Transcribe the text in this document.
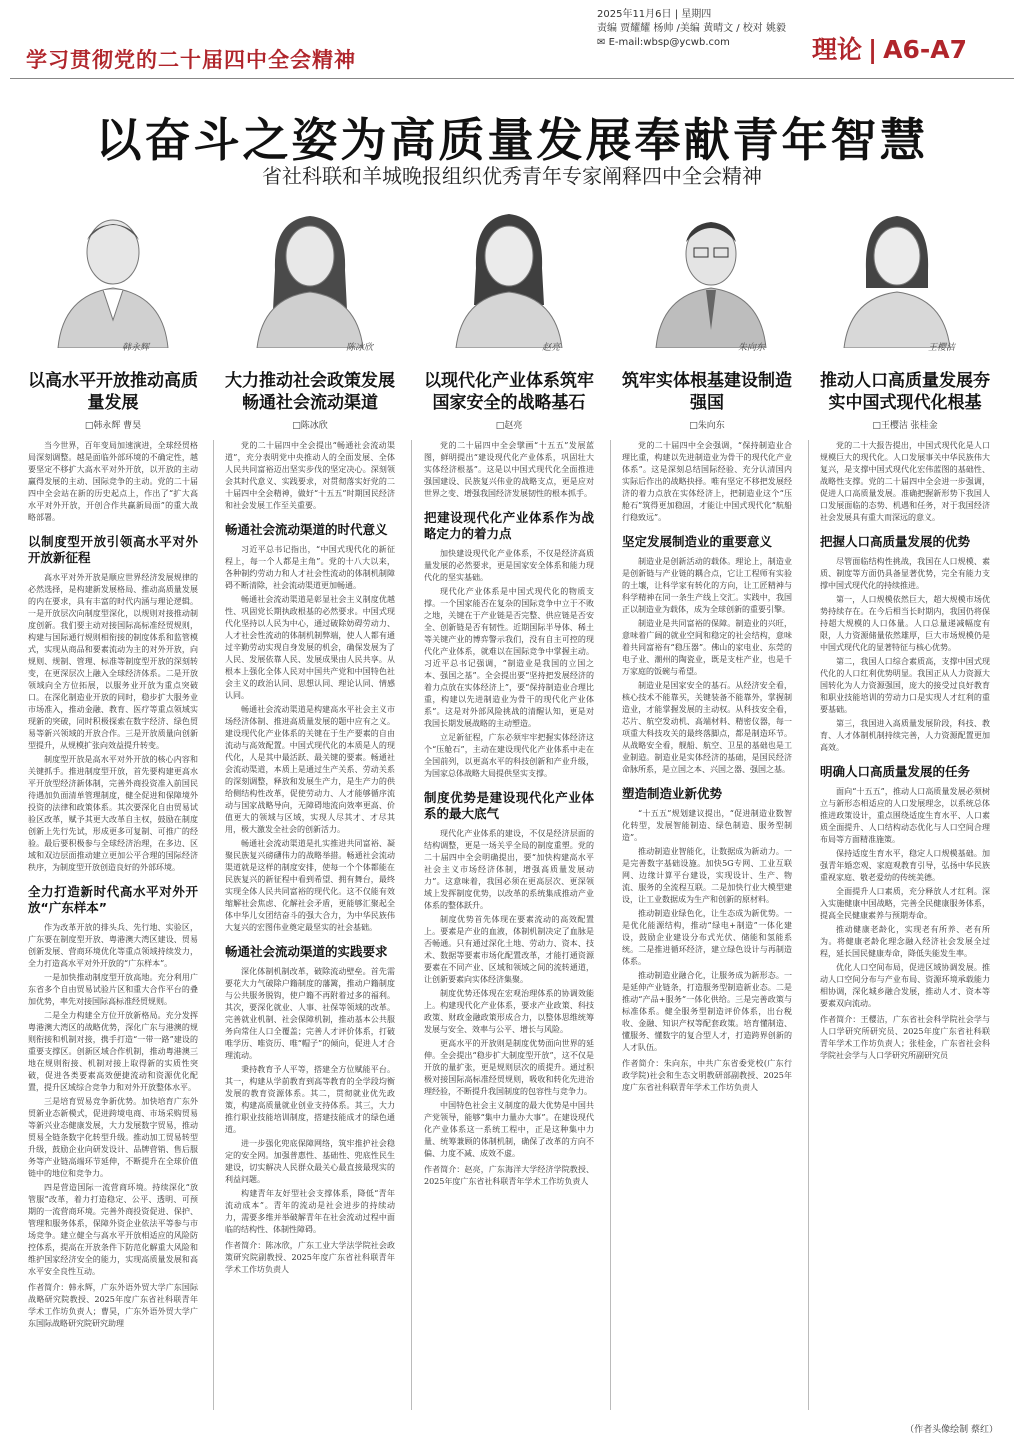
学习贯彻党的二十届四中全会精神
2025年11月6日 | 星期四
责编 贾耀耀 杨帅 /美编 黄晴文 / 校对 姚毅
✉ E-mail:wbsp@ycwb.com	理论 | A6-A7
以奋斗之姿为高质量发展奉献青年智慧
省社科联和羊城晚报组织优秀青年专家阐释四中全会精神
韩永辉	陈冰欣	赵亮	朱向东	王樱洁
以高水平开放推动高质量发展
□韩永辉 曹昊
大力推动社会政策发展畅通社会流动渠道
□陈冰欣
以现代化产业体系筑牢国家安全的战略基石
□赵亮
筑牢实体根基建设制造强国
□朱向东
推动人口高质量发展夯实中国式现代化根基
□王樱洁 张桂金

当今世界，百年变局加速演进，全球经贸格局深刻调整。越是面临外部环境的不确定性，越要坚定不移扩大高水平对外开放，以开放的主动赢得发展的主动、国际竞争的主动。党的二十届四中全会站在新的历史起点上，作出了“扩大高水平对外开放，开创合作共赢新局面”的重大战略部署。

以制度型开放引领高水平对外开放新征程

高水平对外开放是顺应世界经济发展规律的必然选择，是构建新发展格局、推动高质量发展的内在要求，具有丰富的时代内涵与理论逻辑。一是开放层次向制度型深化，以规则对接推动制度创新。我们要主动对接国际高标准经贸规则，构建与国际通行规则相衔接的制度体系和监管模式，实现从商品和要素流动为主的对外开放，向规则、规制、管理、标准等制度型开放的深刻转变，在更深层次上融入全球经济体系。二是开放领域向全方位拓展，以服务业开放为重点突破口。在深化制造业开放的同时，稳步扩大服务业市场准入，推动金融、教育、医疗等重点领域实现新的突破，同时积极探索在数字经济、绿色贸易等新兴领域的开放合作。三是开放质量向创新型提升，从规模扩张向效益提升转变。

制度型开放是高水平对外开放的核心内容和关键抓手。推进制度型开放，首先要构建更高水平开放型经济新体制，完善外商投资准入前国民待遇加负面清单管理制度，健全促进和保障境外投资的法律和政策体系。其次要深化自由贸易试验区改革，赋予其更大改革自主权，鼓励在制度创新上先行先试，形成更多可复制、可推广的经验。最后要积极参与全球经济治理，在多边、区域和双边层面推动建立更加公平合理的国际经济秩序，为制度型开放创造良好的外部环境。

全力打造新时代高水平对外开放“广东样本”

作为改革开放的排头兵、先行地、实验区，广东要在制度型开放、粤港澳大湾区建设、贸易创新发展、营商环境优化等重点领域持续发力，全力打造高水平对外开放的“广东样本”。

一是加快推动制度型开放高地。充分利用广东省多个自由贸易试验片区和重大合作平台的叠加优势，率先对接国际高标准经贸规则。

二是全力构建全方位开放新格局。充分发挥粤港澳大湾区的战略优势，深化广东与港澳的规则衔接和机制对接，携手打造“一带一路”建设的重要支撑区。创新区域合作机制，推动粤港澳三地在规则衔接、机制对接上取得新的实质性突破，促进各类要素高效便捷流动和资源优化配置，提升区域综合竞争力和对外开放整体水平。

三是培育贸易竞争新优势。加快培育广东外贸新业态新模式，促进跨境电商、市场采购贸易等新兴业态健康发展，大力发展数字贸易，推动贸易全链条数字化转型升级。推动加工贸易转型升级，鼓励企业向研发设计、品牌营销、售后服务等产业链高端环节延伸，不断提升在全球价值链中的地位和竞争力。

四是营造国际一流营商环境。持续深化“放管服”改革，着力打造稳定、公平、透明、可预期的一流营商环境。完善外商投资促进、保护、管理和服务体系，保障外资企业依法平等参与市场竞争。建立健全与高水平开放相适应的风险防控体系，提高在开放条件下防范化解重大风险和维护国家经济安全的能力，实现高质量发展和高水平安全良性互动。

作者简介：韩永辉，广东外语外贸大学广东国际战略研究院教授、2025年度广东省社科联青年学术工作坊负责人；曹昊，广东外语外贸大学广东国际战略研究院研究助理

党的二十届四中全会提出“畅通社会流动渠道”，充分表明党中央推动人的全面发展、全体人民共同富裕迈出坚实步伐的坚定决心。深刻领会其时代意义、实践要求，对贯彻落实好党的二十届四中全会精神，做好“十五五”时期国民经济和社会发展工作至关重要。

畅通社会流动渠道的时代意义

习近平总书记指出，“中国式现代化的新征程上，每一个人都是主角”。党的十八大以来，各种制约劳动力和人才社会性流动的体制机制障碍不断清除，社会流动渠道更加畅通。

畅通社会流动渠道是彰显社会主义制度优越性、巩固党长期执政根基的必然要求。中国式现代化坚持以人民为中心，通过破除妨碍劳动力、人才社会性流动的体制机制弊端，使人人都有通过辛勤劳动实现自身发展的机会，确保发展为了人民、发展依靠人民、发展成果由人民共享。从根本上强化全体人民对中国共产党和中国特色社会主义的政治认同、思想认同、理论认同、情感认同。

畅通社会流动渠道是构建高水平社会主义市场经济体制、推进高质量发展的题中应有之义。建设现代化产业体系的关键在于生产要素的自由流动与高效配置。中国式现代化的本质是人的现代化，人是其中最活跃、最关键的要素。畅通社会流动渠道，本质上是通过生产关系、劳动关系的深刻调整，释放和发展生产力，是生产力的供给侧结构性改革，促使劳动力、人才能够循序流动与国家战略导向，无障碍地流向效率更高、价值更大的领域与区域，实现人尽其才、才尽其用，极大激发全社会的创新活力。

畅通社会流动渠道是扎实推进共同富裕、凝聚民族复兴磅礴伟力的战略举措。畅通社会流动渠道就是这样的制度安排，使每一个个体都能在民族复兴的新征程中看到希望、拥有舞台，最终实现全体人民共同富裕的现代化。这不仅能有效缩解社会焦虑、化解社会矛盾，更能够汇聚起全体中华儿女团结奋斗的强大合力，为中华民族伟大复兴的宏图伟业奠定最坚实的社会基础。

畅通社会流动渠道的实践要求

深化体制机制改革，破除流动壁垒。首先需要花大力气破除户籍制度的藩篱，推动户籍制度与公共服务脱钩，使户籍不再附着过多的福利。其次，要深化就业、人事、社保等领域的改革。完善就业机制、社会保障机制，推动基本公共服务向常住人口全覆盖；完善人才评价体系，打破唯学历、唯资历、唯“帽子”的倾向，促进人才合理流动。

秉持教育予人平等，搭建全方位赋能平台。其一，构建从学前教育到高等教育的全学段均衡发展的教育资源体系。其二，贯彻就业优先政策，构建高质量就业创业支持体系。其三，大力推行职业技能培训制度，搭建技能成才的绿色通道。

进一步强化兜底保障网络，筑牢推护社会稳定的安全网。加强普惠性、基础性、兜底性民生建设，切实解决人民群众最关心最直接最现实的利益问题。

构建青年友好型社会支撑体系，降低“青年流动成本”。青年的流动是社会进步的持续动力，需要多维并举破解青年在社会流动过程中面临的结构性、体制性障碍。

作者简介：陈冰欣，广东工业大学法学院社会政策研究院副教授、2025年度广东省社科联青年学术工作坊负责人

党的二十届四中全会擘画“十五五”发展蓝图，鲜明提出“建设现代化产业体系，巩固壮大实体经济根基”。这是以中国式现代化全面推进强国建设、民族复兴伟业的战略支点，更是应对世界之变、增强我国经济发展韧性的根本抓手。

把建设现代化产业体系作为战略定力的着力点

加快建设现代化产业体系，不仅是经济高质量发展的必然要求，更是国家安全体系和能力现代化的坚实基础。

现代化产业体系是中国式现代化的物质支撑。一个国家能否在复杂的国际竞争中立于不败之地，关键在于产业链是否完整、供应链是否安全、创新链是否有韧性。近期国际半导体、稀土等关键产业的博弈警示我们，没有自主可控的现代化产业体系，就难以在国际竞争中掌握主动。习近平总书记强调，“制造业是我国的立国之本、强国之基”。全会提出要“坚持把发展经济的着力点放在实体经济上”，要“保持制造业合理比重，构建以先进制造业为骨干的现代化产业体系”。这是对外部风险挑战的清醒认知，更是对我国长期发展战略的主动塑造。

立足新征程，广东必须牢牢把握实体经济这个“压舱石”，主动在建设现代化产业体系中走在全国前列，以更高水平的科技创新和产业升级，为国家总体战略大局提供坚实支撑。

制度优势是建设现代化产业体系的最大底气

现代化产业体系的建设，不仅是经济层面的结构调整，更是一场关乎全局的制度重塑。党的二十届四中全会明确提出，要“加快构建高水平社会主义市场经济体制，增强高质量发展动力”。这意味着，我国必须在更高层次、更深领域上发挥制度优势，以改革的系统集成推动产业体系的整体跃升。

制度优势首先体现在要素流动的高效配置上。要素是产业的血液，体制机制决定了血脉是否畅通。只有通过深化土地、劳动力、资本、技术、数据等要素市场化配置改革，才能打通资源要素在不同产业、区域和领域之间的流转通道，让创新要素向实体经济集聚。

制度优势还体现在宏观治理体系的协调效能上。构建现代化产业体系，要求产业政策、科技政策、财政金融政策形成合力，以整体思维统筹发展与安全、效率与公平、增长与风险。

更高水平的开放则是制度优势面向世界的延伸。全会提出“稳步扩大制度型开放”，这不仅是开放的量扩张，更是规则层次的质提升。通过积极对接国际高标准经贸规则，吸收和转化先进治理经验，不断提升我国制度的包容性与竞争力。

中国特色社会主义制度的最大优势是中国共产党领导，能够“集中力量办大事”。在建设现代化产业体系这一系统工程中，正是这种集中力量、统筹兼顾的体制机制，确保了改革的方向不偏、力度不减、成效不虚。

作者简介：赵亮，广东海洋大学经济学院教授、2025年度广东省社科联青年学术工作坊负责人

党的二十届四中全会强调，“保持制造业合理比重，构建以先进制造业为骨干的现代化产业体系”。这是深刻总结国际经验、充分认清国内实际后作出的战略抉择。唯有坚定不移把发展经济的着力点放在实体经济上，把制造业这个“压舱石”筑得更加稳固，才能让中国式现代化“航船行稳致远”。

坚定发展制造业的重要意义

制造业是创新活动的载体。理论上，制造业是创新链与产业链的耦合点，它让工程师有实验的土壤，让科学家有转化的方向，让工匠精神与科学精神在同一条生产线上交汇。实践中，我国正以制造业为载体，成为全球创新的重要引擎。

制造业是共同富裕的保障。制造业的兴旺，意味着广阔的就业空间和稳定的社会结构，意味着共同富裕有“稳压器”。佛山的家电业、东莞的电子业、潮州的陶瓷业，既是支柱产业，也是千万家庭的饭碗与希望。

制造业是国家安全的基石。从经济安全看，核心技术不能靠买，关键装备不能靠外，掌握制造业，才能掌握发展的主动权。从科技安全看，芯片、航空发动机、高端材料、精密仪器，每一项重大科技攻关的最终落脚点，都是制造环节。从战略安全看，舰船、航空、卫星的基础也是工业制造。制造业是实体经济的基础，是国民经济命脉所系，是立国之本、兴国之器、强国之基。

塑造制造业新优势

“十五五”规划建议提出，“促进制造业数智化转型，发展智能制造、绿色制造、服务型制造”。

推动制造业智能化，让数据成为新动力。一是完善数字基础设施。加快5G专网、工业互联网、边缘计算平台建设，实现设计、生产、物流、服务的全流程互联。二是加快行业大模型建设，让工业数据成为生产和创新的原材料。

推动制造业绿色化，让生态成为新优势。一是优化能源结构，推动“绿电+制造”一体化建设，鼓励企业建设分布式光伏、储能和氢能系统。二是推进循环经济，建立绿色设计与再制造体系。

推动制造业融合化，让服务成为新形态。一是延伸产业链条，打造服务型制造新业态。二是推动“产品+服务”一体化供给。三是完善政策与标准体系。健全服务型制造评价体系，出台税收、金融、知识产权等配套政策。培育懂制造、懂服务、懂数字的复合型人才，打造跨界创新的人才队伍。

作者简介：朱向东，中共广东省委党校(广东行政学院)社会和生态文明教研部副教授、2025年度广东省社科联青年学术工作坊负责人

党的二十大报告提出，中国式现代化是人口规模巨大的现代化。人口发展事关中华民族伟大复兴，是支撑中国式现代化宏伟蓝图的基础性、战略性支撑。党的二十届四中全会进一步强调，促进人口高质量发展。准确把握新形势下我国人口发展面临的态势、机遇和任务，对于我国经济社会发展具有重大而深远的意义。

把握人口高质量发展的优势

尽管面临结构性挑战，我国在人口规模、素质、制度等方面仍具备显著优势，完全有能力支撑中国式现代化的持续推进。

第一，人口规模依然巨大，超大规模市场优势持续存在。在今后相当长时期内，我国仍将保持超大规模的人口体量。人口总量递减幅度有限，人力资源储量依然雄厚，巨大市场规模仍是中国式现代化的显著特征与核心优势。

第二，我国人口综合素质高，支撑中国式现代化的人口红利优势明显。我国正从人力资源大国转化为人力资源强国，庞大的接受过良好教育和职业技能培训的劳动力口是实现人才红利的重要基础。

第三，我国进入高质量发展阶段，科技、教育、人才体制机制持续完善，人力资源配置更加高效。

明确人口高质量发展的任务

面向“十五五”，推动人口高质量发展必须树立与新形态相适应的人口发展理念，以系统总体推进政策设计，重点围绕适度生育水平、人口素质全面提升、人口结构动态优化与人口空间合理布局等方面精准施策。

保持适度生育水平，稳定人口规模基础。加强青年婚恋观、家庭观教育引导，弘扬中华民族重视家庭、敬老爱幼的传统美德。

全面提升人口素质，充分释放人才红利。深入实施健康中国战略，完善全民健康服务体系，提高全民健康素养与预期寿命。

推动健康老龄化，实现老有所养、老有所为。将健康老龄化理念融入经济社会发展全过程，延长国民健康寿命，降低失能发生率。

优化人口空间布局，促进区域协调发展。推动人口空间分布与产业布局、资源环境承载能力相协调，深化城乡融合发展，推动人才、资本等要素双向流动。

作者简介：王樱洁，广东省社会科学院社会学与人口学研究所研究员、2025年度广东省社科联青年学术工作坊负责人；张桂金，广东省社会科学院社会学与人口学研究所副研究员

（作者头像绘制 蔡红）
